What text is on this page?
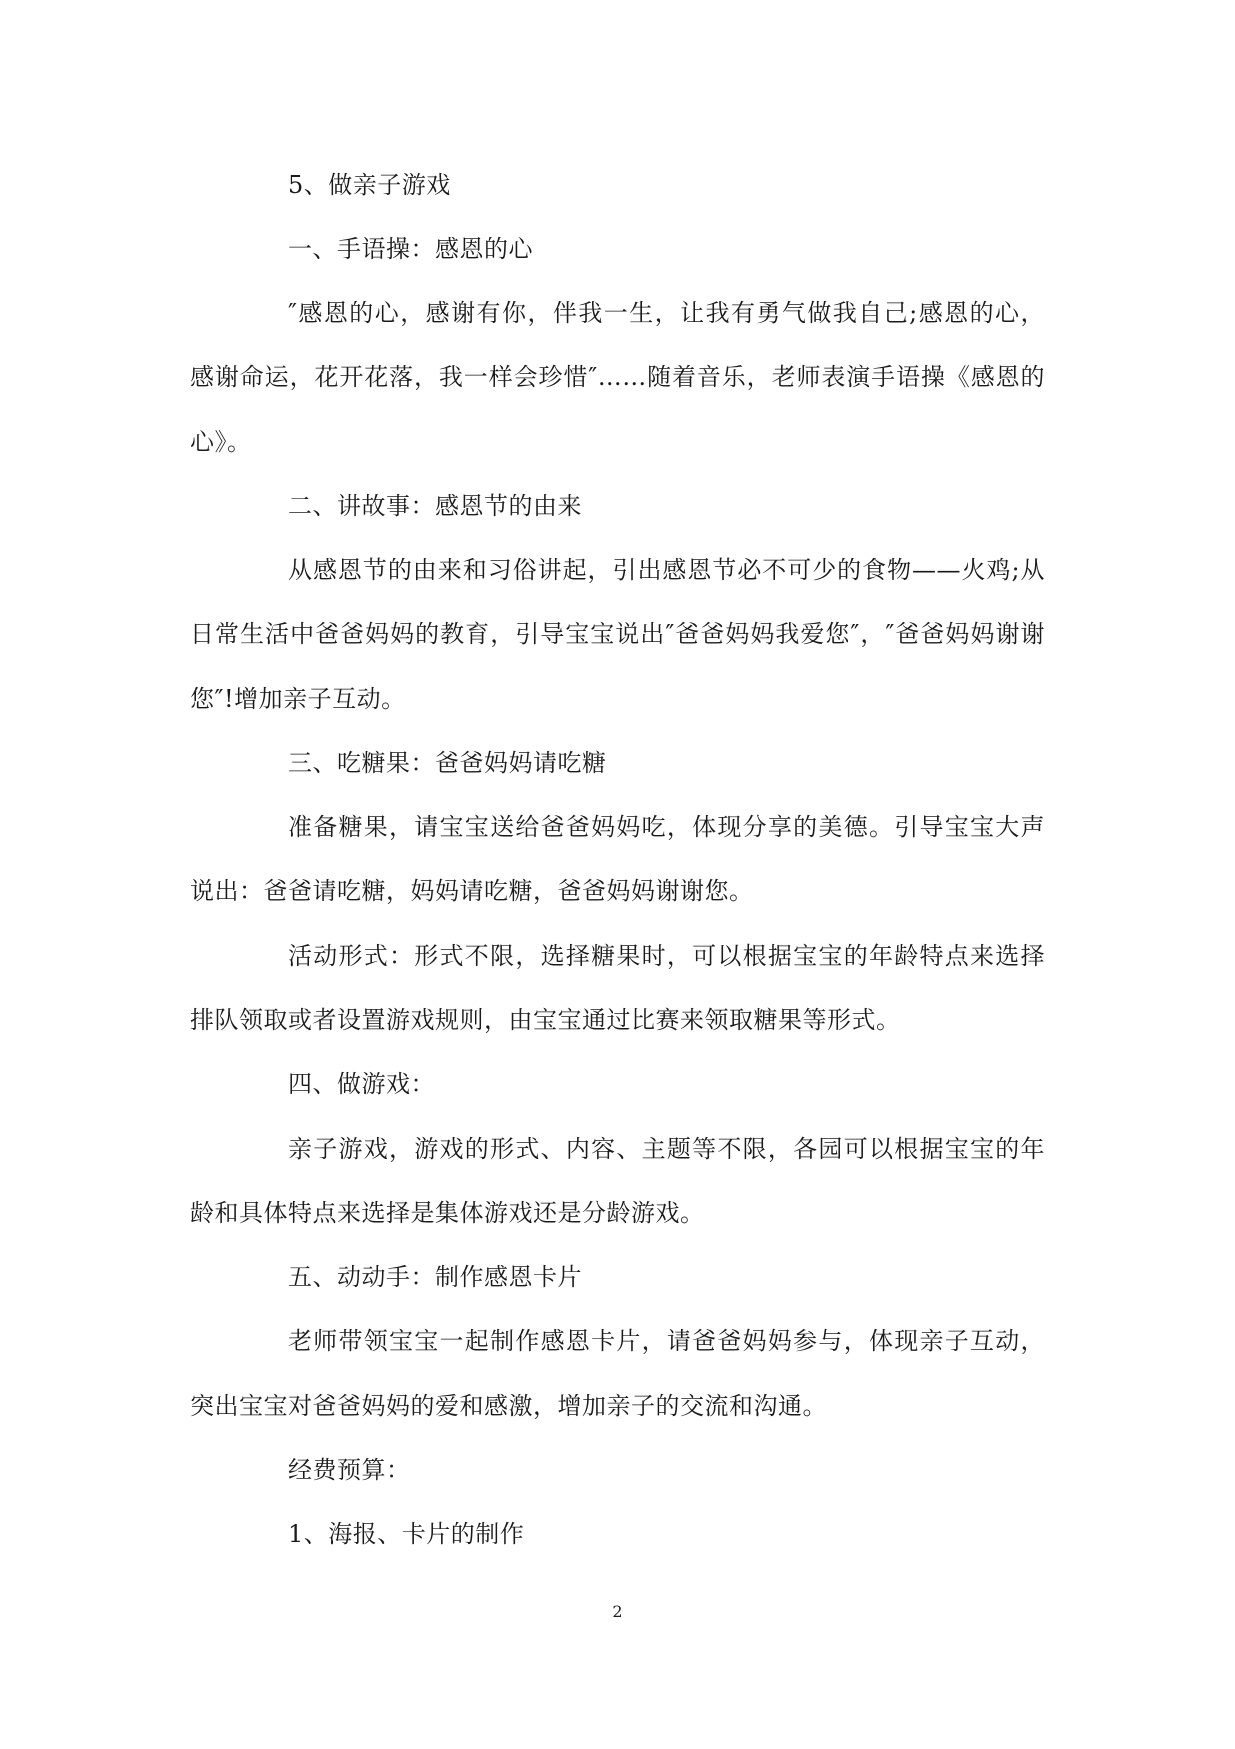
5、做亲子游戏
一、手语操：感恩的心
″感恩的心，感谢有你，伴我一生，让我有勇气做我自己;感恩的心，
感谢命运，花开花落，我一样会珍惜″……随着音乐，老师表演手语操《感恩的
心》。
二、讲故事：感恩节的由来
从感恩节的由来和习俗讲起，引出感恩节必不可少的食物——火鸡;从
日常生活中爸爸妈妈的教育，引导宝宝说出″爸爸妈妈我爱您″，″爸爸妈妈谢谢
您″!增加亲子互动。
三、吃糖果：爸爸妈妈请吃糖
准备糖果，请宝宝送给爸爸妈妈吃，体现分享的美德。引导宝宝大声
说出：爸爸请吃糖，妈妈请吃糖，爸爸妈妈谢谢您。
活动形式：形式不限，选择糖果时，可以根据宝宝的年龄特点来选择
排队领取或者设置游戏规则，由宝宝通过比赛来领取糖果等形式。
四、做游戏：
亲子游戏，游戏的形式、内容、主题等不限，各园可以根据宝宝的年
龄和具体特点来选择是集体游戏还是分龄游戏。
五、动动手：制作感恩卡片
老师带领宝宝一起制作感恩卡片，请爸爸妈妈参与，体现亲子互动，
突出宝宝对爸爸妈妈的爱和感激，增加亲子的交流和沟通。
经费预算：
1、海报、卡片的制作
2
